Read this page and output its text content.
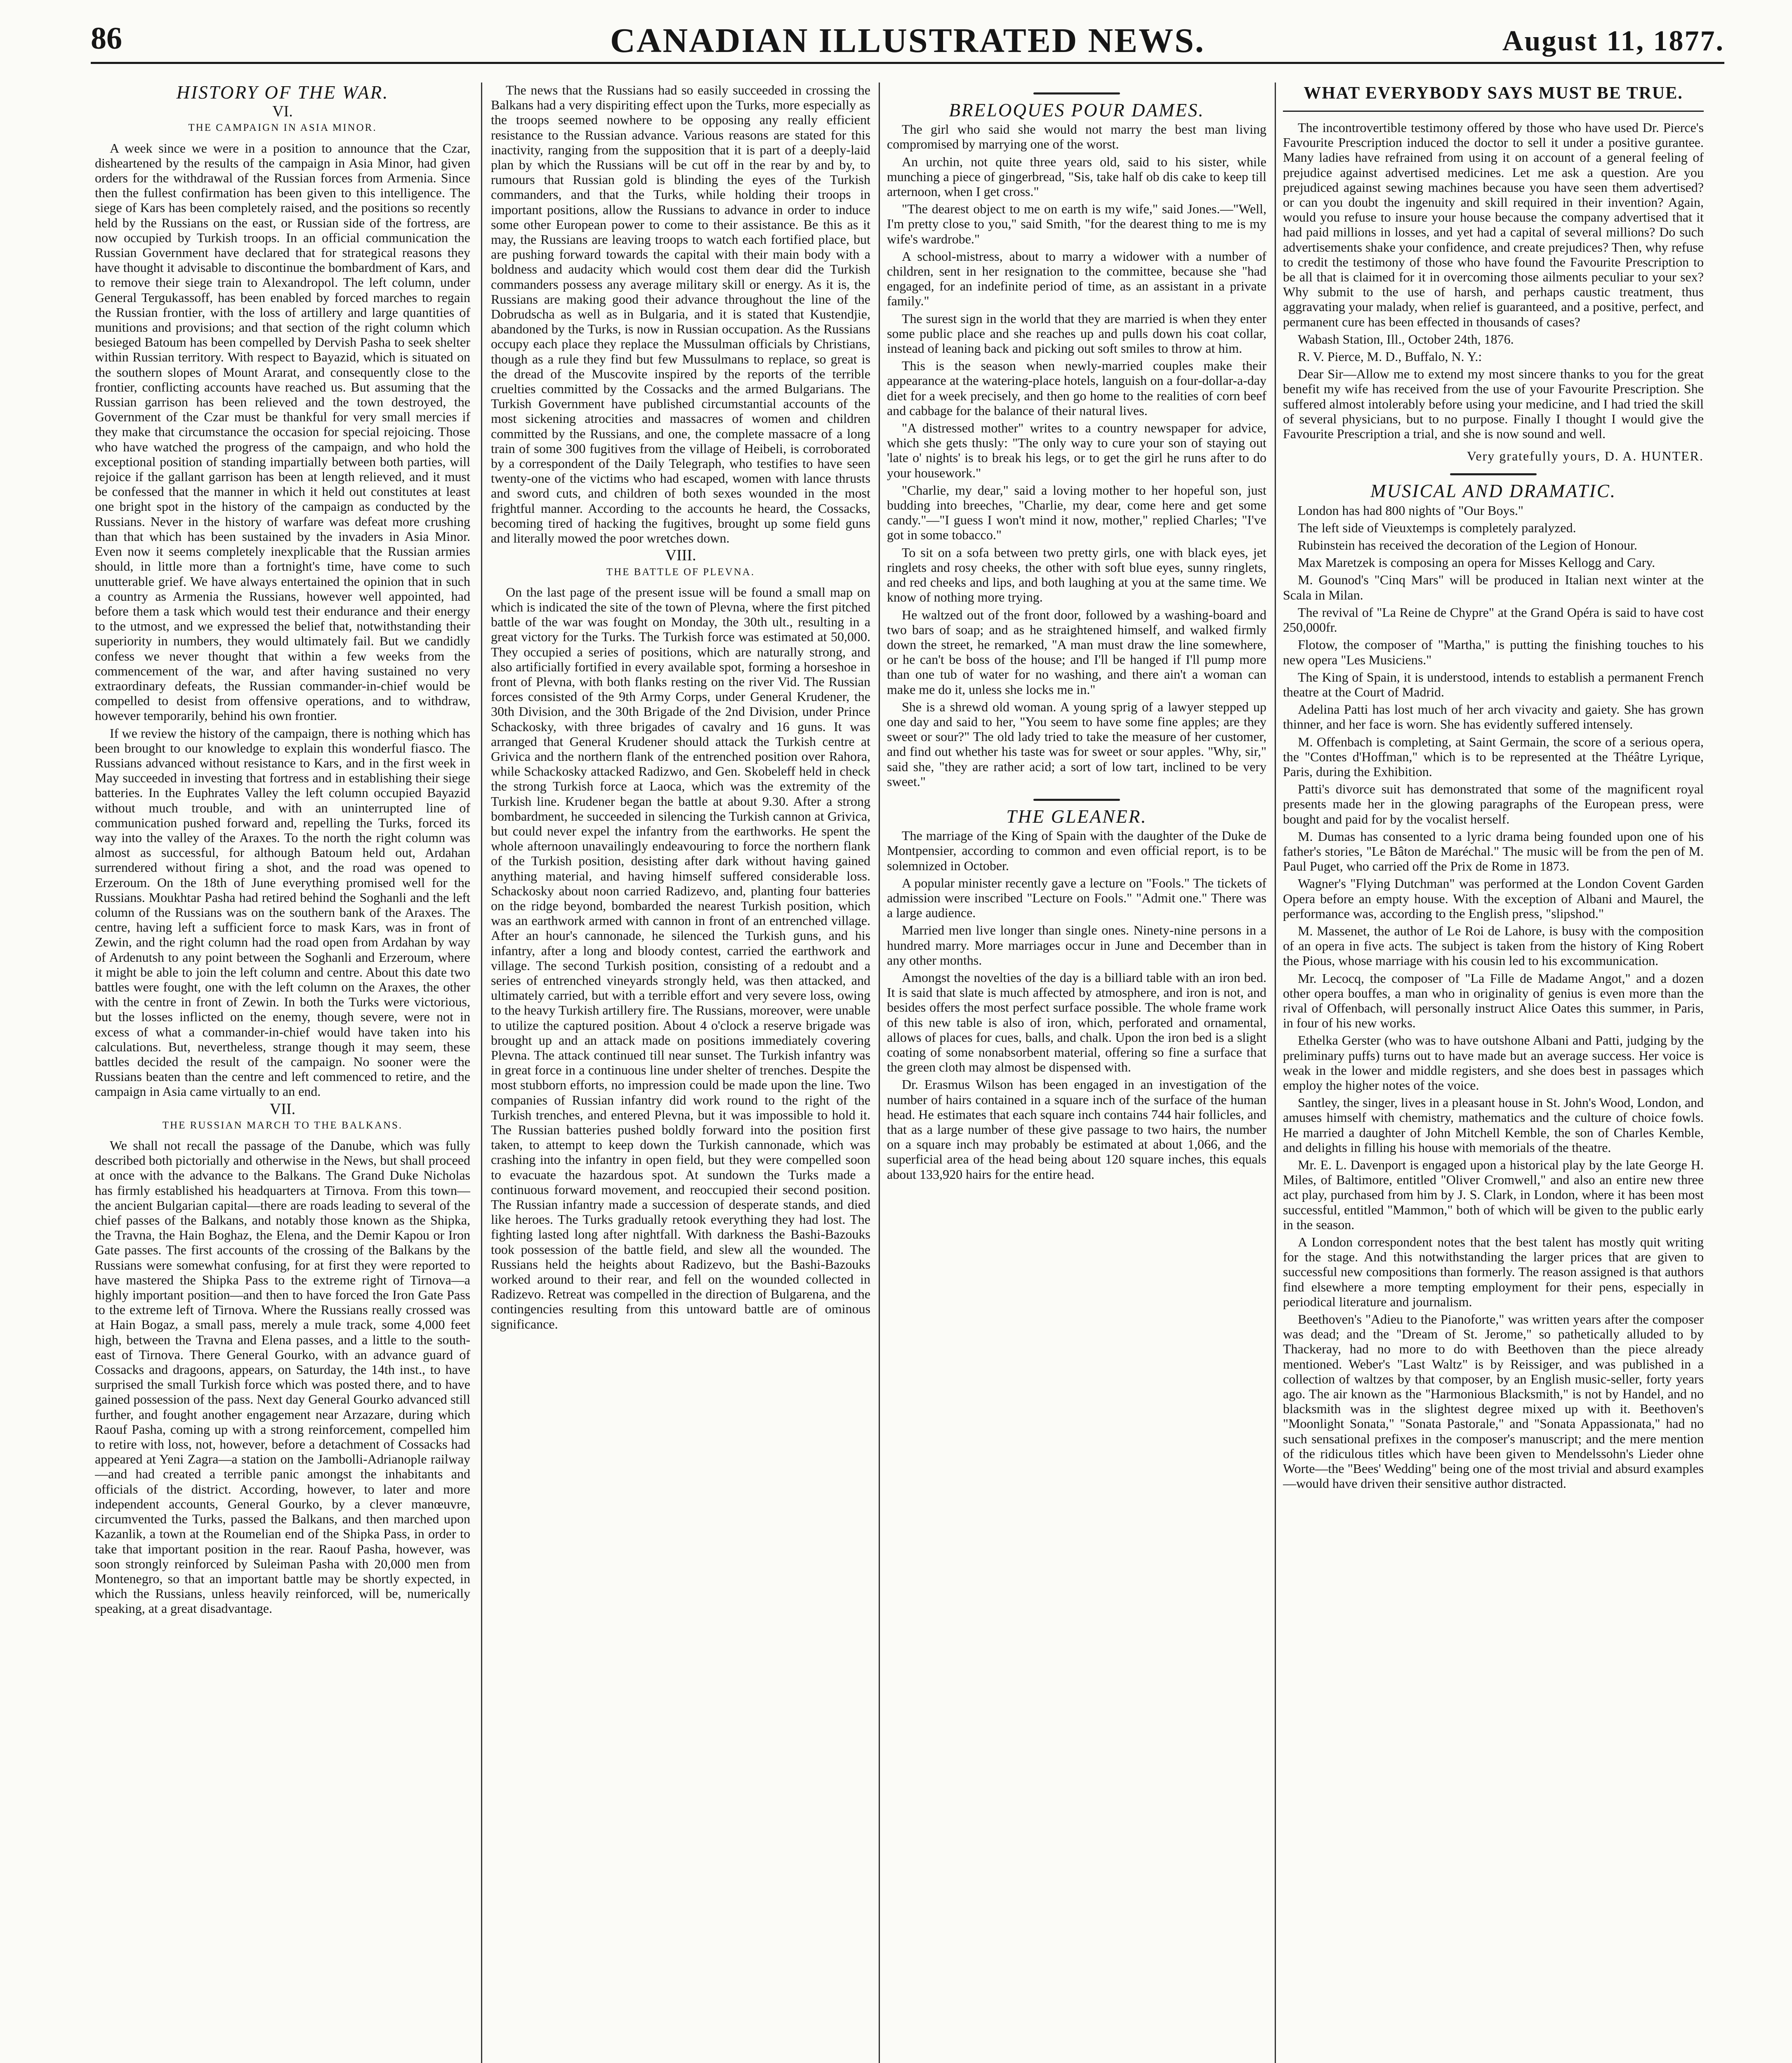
86	CANADIAN ILLUSTRATED NEWS.	August 11, 1877.
HISTORY OF THE WAR.
VI.
THE CAMPAIGN IN ASIA MINOR.

A week since we were in a position to announce that the Czar, disheartened by the results of the campaign in Asia Minor, had given orders for the withdrawal of the Russian forces from Armenia. Since then the fullest confirmation has been given to this intelligence. The siege of Kars has been completely raised, and the positions so recently held by the Russians on the east, or Russian side of the fortress, are now occupied by Turkish troops. In an official communication the Russian Government have declared that for strategical reasons they have thought it advisable to discontinue the bombardment of Kars, and to remove their siege train to Alexandropol. The left column, under General Tergukassoff, has been enabled by forced marches to regain the Russian frontier, with the loss of artillery and large quantities of munitions and provisions; and that section of the right column which besieged Batoum has been compelled by Dervish Pasha to seek shelter within Russian territory. With respect to Bayazid, which is situated on the southern slopes of Mount Ararat, and consequently close to the frontier, conflicting accounts have reached us. But assuming that the Russian garrison has been relieved and the town destroyed, the Government of the Czar must be thankful for very small mercies if they make that circumstance the occasion for special rejoicing. Those who have watched the progress of the campaign, and who hold the exceptional position of standing impartially between both parties, will rejoice if the gallant garrison has been at length relieved, and it must be confessed that the manner in which it held out constitutes at least one bright spot in the history of the campaign as conducted by the Russians. Never in the history of warfare was defeat more crushing than that which has been sustained by the invaders in Asia Minor. Even now it seems completely inexplicable that the Russian armies should, in little more than a fortnight's time, have come to such unutterable grief. We have always entertained the opinion that in such a country as Armenia the Russians, however well appointed, had before them a task which would test their endurance and their energy to the utmost, and we expressed the belief that, notwithstanding their superiority in numbers, they would ultimately fail. But we candidly confess we never thought that within a few weeks from the commencement of the war, and after having sustained no very extraordinary defeats, the Russian commander-in-chief would be compelled to desist from offensive operations, and to withdraw, however temporarily, behind his own frontier.

If we review the history of the campaign, there is nothing which has been brought to our knowledge to explain this wonderful fiasco. The Russians advanced without resistance to Kars, and in the first week in May succeeded in investing that fortress and in establishing their siege batteries. In the Euphrates Valley the left column occupied Bayazid without much trouble, and with an uninterrupted line of communication pushed forward and, repelling the Turks, forced its way into the valley of the Araxes. To the north the right column was almost as successful, for although Batoum held out, Ardahan surrendered without firing a shot, and the road was opened to Erzeroum. On the 18th of June everything promised well for the Russians. Moukhtar Pasha had retired behind the Soghanli and the left column of the Russians was on the southern bank of the Araxes. The centre, having left a sufficient force to mask Kars, was in front of Zewin, and the right column had the road open from Ardahan by way of Ardenutsh to any point between the Soghanli and Erzeroum, where it might be able to join the left column and centre. About this date two battles were fought, one with the left column on the Araxes, the other with the centre in front of Zewin. In both the Turks were victorious, but the losses inflicted on the enemy, though severe, were not in excess of what a commander-in-chief would have taken into his calculations. But, nevertheless, strange though it may seem, these battles decided the result of the campaign. No sooner were the Russians beaten than the centre and left commenced to retire, and the campaign in Asia came virtually to an end.

VII.
THE RUSSIAN MARCH TO THE BALKANS.

We shall not recall the passage of the Danube, which was fully described both pictorially and otherwise in the News, but shall proceed at once with the advance to the Balkans. The Grand Duke Nicholas has firmly established his headquarters at Tirnova. From this town—the ancient Bulgarian capital—there are roads leading to several of the chief passes of the Balkans, and notably those known as the Shipka, the Travna, the Hain Boghaz, the Elena, and the Demir Kapou or Iron Gate passes. The first accounts of the crossing of the Balkans by the Russians were somewhat confusing, for at first they were reported to have mastered the Shipka Pass to the extreme right of Tirnova—a highly important position—and then to have forced the Iron Gate Pass to the extreme left of Tirnova. Where the Russians really crossed was at Hain Bogaz, a small pass, merely a mule track, some 4,000 feet high, between the Travna and Elena passes, and a little to the south-east of Tirnova. There General Gourko, with an advance guard of Cossacks and dragoons, appears, on Saturday, the 14th inst., to have surprised the small Turkish force which was posted there, and to have gained possession of the pass. Next day General Gourko advanced still further, and fought another engagement near Arzazare, during which Raouf Pasha, coming up with a strong reinforcement, compelled him to retire with loss, not, however, before a detachment of Cossacks had appeared at Yeni Zagra—a station on the Jambolli-Adrianople railway—and had created a terrible panic amongst the inhabitants and officials of the district. According, however, to later and more independent accounts, General Gourko, by a clever manœuvre, circumvented the Turks, passed the Balkans, and then marched upon Kazanlik, a town at the Roumelian end of the Shipka Pass, in order to take that important position in the rear. Raouf Pasha, however, was soon strongly reinforced by Suleiman Pasha with 20,000 men from Montenegro, so that an important battle may be shortly expected, in which the Russians, unless heavily reinforced, will be, numerically speaking, at a great disadvantage.

The news that the Russians had so easily succeeded in crossing the Balkans had a very dispiriting effect upon the Turks, more especially as the troops seemed nowhere to be opposing any really efficient resistance to the Russian advance. Various reasons are stated for this inactivity, ranging from the supposition that it is part of a deeply-laid plan by which the Russians will be cut off in the rear by and by, to rumours that Russian gold is blinding the eyes of the Turkish commanders, and that the Turks, while holding their troops in important positions, allow the Russians to advance in order to induce some other European power to come to their assistance. Be this as it may, the Russians are leaving troops to watch each fortified place, but are pushing forward towards the capital with their main body with a boldness and audacity which would cost them dear did the Turkish commanders possess any average military skill or energy. As it is, the Russians are making good their advance throughout the line of the Dobrudscha as well as in Bulgaria, and it is stated that Kustendjie, abandoned by the Turks, is now in Russian occupation. As the Russians occupy each place they replace the Mussulman officials by Christians, though as a rule they find but few Mussulmans to replace, so great is the dread of the Muscovite inspired by the reports of the terrible cruelties committed by the Cossacks and the armed Bulgarians. The Turkish Government have published circumstantial accounts of the most sickening atrocities and massacres of women and children committed by the Russians, and one, the complete massacre of a long train of some 300 fugitives from the village of Heibeli, is corroborated by a correspondent of the Daily Telegraph, who testifies to have seen twenty-one of the victims who had escaped, women with lance thrusts and sword cuts, and children of both sexes wounded in the most frightful manner. According to the accounts he heard, the Cossacks, becoming tired of hacking the fugitives, brought up some field guns and literally mowed the poor wretches down.

VIII.
THE BATTLE OF PLEVNA.

On the last page of the present issue will be found a small map on which is indicated the site of the town of Plevna, where the first pitched battle of the war was fought on Monday, the 30th ult., resulting in a great victory for the Turks. The Turkish force was estimated at 50,000. They occupied a series of positions, which are naturally strong, and also artificially fortified in every available spot, forming a horseshoe in front of Plevna, with both flanks resting on the river Vid. The Russian forces consisted of the 9th Army Corps, under General Krudener, the 30th Division, and the 30th Brigade of the 2nd Division, under Prince Schackosky, with three brigades of cavalry and 16 guns. It was arranged that General Krudener should attack the Turkish centre at Grivica and the northern flank of the entrenched position over Rahora, while Schackosky attacked Radizwo, and Gen. Skobeleff held in check the strong Turkish force at Laoca, which was the extremity of the Turkish line. Krudener began the battle at about 9.30. After a strong bombardment, he succeeded in silencing the Turkish cannon at Grivica, but could never expel the infantry from the earthworks. He spent the whole afternoon unavailingly endeavouring to force the northern flank of the Turkish position, desisting after dark without having gained anything material, and having himself suffered considerable loss. Schackosky about noon carried Radizevo, and, planting four batteries on the ridge beyond, bombarded the nearest Turkish position, which was an earthwork armed with cannon in front of an entrenched village. After an hour's cannonade, he silenced the Turkish guns, and his infantry, after a long and bloody contest, carried the earthwork and village. The second Turkish position, consisting of a redoubt and a series of entrenched vineyards strongly held, was then attacked, and ultimately carried, but with a terrible effort and very severe loss, owing to the heavy Turkish artillery fire. The Russians, moreover, were unable to utilize the captured position. About 4 o'clock a reserve brigade was brought up and an attack made on positions immediately covering Plevna. The attack continued till near sunset. The Turkish infantry was in great force in a continuous line under shelter of trenches. Despite the most stubborn efforts, no impression could be made upon the line. Two companies of Russian infantry did work round to the right of the Turkish trenches, and entered Plevna, but it was impossible to hold it. The Russian batteries pushed boldly forward into the position first taken, to attempt to keep down the Turkish cannonade, which was crashing into the infantry in open field, but they were compelled soon to evacuate the hazardous spot. At sundown the Turks made a continuous forward movement, and reoccupied their second position. The Russian infantry made a succession of desperate stands, and died like heroes. The Turks gradually retook everything they had lost. The fighting lasted long after nightfall. With darkness the Bashi-Bazouks took possession of the battle field, and slew all the wounded. The Russians held the heights about Radizevo, but the Bashi-Bazouks worked around to their rear, and fell on the wounded collected in Radizevo. Retreat was compelled in the direction of Bulgarena, and the contingencies resulting from this untoward battle are of ominous significance.

BRELOQUES POUR DAMES.

The girl who said she would not marry the best man living compromised by marrying one of the worst.

An urchin, not quite three years old, said to his sister, while munching a piece of gingerbread, "Sis, take half ob dis cake to keep till arternoon, when I get cross."

"The dearest object to me on earth is my wife," said Jones.—"Well, I'm pretty close to you," said Smith, "for the dearest thing to me is my wife's wardrobe."

A school-mistress, about to marry a widower with a number of children, sent in her resignation to the committee, because she "had engaged, for an indefinite period of time, as an assistant in a private family."

The surest sign in the world that they are married is when they enter some public place and she reaches up and pulls down his coat collar, instead of leaning back and picking out soft smiles to throw at him.

This is the season when newly-married couples make their appearance at the watering-place hotels, languish on a four-dollar-a-day diet for a week precisely, and then go home to the realities of corn beef and cabbage for the balance of their natural lives.

"A distressed mother" writes to a country newspaper for advice, which she gets thusly: "The only way to cure your son of staying out 'late o' nights' is to break his legs, or to get the girl he runs after to do your housework."

"Charlie, my dear," said a loving mother to her hopeful son, just budding into breeches, "Charlie, my dear, come here and get some candy."—"I guess I won't mind it now, mother," replied Charles; "I've got in some tobacco."

To sit on a sofa between two pretty girls, one with black eyes, jet ringlets and rosy cheeks, the other with soft blue eyes, sunny ringlets, and red cheeks and lips, and both laughing at you at the same time. We know of nothing more trying.

He waltzed out of the front door, followed by a washing-board and two bars of soap; and as he straightened himself, and walked firmly down the street, he remarked, "A man must draw the line somewhere, or he can't be boss of the house; and I'll be hanged if I'll pump more than one tub of water for no washing, and there ain't a woman can make me do it, unless she locks me in."

She is a shrewd old woman. A young sprig of a lawyer stepped up one day and said to her, "You seem to have some fine apples; are they sweet or sour?" The old lady tried to take the measure of her customer, and find out whether his taste was for sweet or sour apples. "Why, sir," said she, "they are rather acid; a sort of low tart, inclined to be very sweet."

THE GLEANER.

The marriage of the King of Spain with the daughter of the Duke de Montpensier, according to common and even official report, is to be solemnized in October.

A popular minister recently gave a lecture on "Fools." The tickets of admission were inscribed "Lecture on Fools." "Admit one." There was a large audience.

Married men live longer than single ones. Ninety-nine persons in a hundred marry. More marriages occur in June and December than in any other months.

Amongst the novelties of the day is a billiard table with an iron bed. It is said that slate is much affected by atmosphere, and iron is not, and besides offers the most perfect surface possible. The whole frame work of this new table is also of iron, which, perforated and ornamental, allows of places for cues, balls, and chalk. Upon the iron bed is a slight coating of some nonabsorbent material, offering so fine a surface that the green cloth may almost be dispensed with.

Dr. Erasmus Wilson has been engaged in an investigation of the number of hairs contained in a square inch of the surface of the human head. He estimates that each square inch contains 744 hair follicles, and that as a large number of these give passage to two hairs, the number on a square inch may probably be estimated at about 1,066, and the superficial area of the head being about 120 square inches, this equals about 133,920 hairs for the entire head.

WHAT EVERYBODY SAYS MUST BE TRUE.

The incontrovertible testimony offered by those who have used Dr. Pierce's Favourite Prescription induced the doctor to sell it under a positive gurantee. Many ladies have refrained from using it on account of a general feeling of prejudice against advertised medicines. Let me ask a question. Are you prejudiced against sewing machines because you have seen them advertised? or can you doubt the ingenuity and skill required in their invention? Again, would you refuse to insure your house because the company advertised that it had paid millions in losses, and yet had a capital of several millions? Do such advertisements shake your confidence, and create prejudices? Then, why refuse to credit the testimony of those who have found the Favourite Prescription to be all that is claimed for it in overcoming those ailments peculiar to your sex? Why submit to the use of harsh, and perhaps caustic treatment, thus aggravating your malady, when relief is guaranteed, and a positive, perfect, and permanent cure has been effected in thousands of cases?

Wabash Station, Ill., October 24th, 1876.

R. V. Pierce, M. D., Buffalo, N. Y.:

Dear Sir—Allow me to extend my most sincere thanks to you for the great benefit my wife has received from the use of your Favourite Prescription. She suffered almost intolerably before using your medicine, and I had tried the skill of several physicians, but to no purpose. Finally I thought I would give the Favourite Prescription a trial, and she is now sound and well.

Very gratefully yours, D. A. HUNTER.
MUSICAL AND DRAMATIC.

London has had 800 nights of "Our Boys."

The left side of Vieuxtemps is completely paralyzed.

Rubinstein has received the decoration of the Legion of Honour.

Max Maretzek is composing an opera for Misses Kellogg and Cary.

M. Gounod's "Cinq Mars" will be produced in Italian next winter at the Scala in Milan.

The revival of "La Reine de Chypre" at the Grand Opéra is said to have cost 250,000fr.

Flotow, the composer of "Martha," is putting the finishing touches to his new opera "Les Musiciens."

The King of Spain, it is understood, intends to establish a permanent French theatre at the Court of Madrid.

Adelina Patti has lost much of her arch vivacity and gaiety. She has grown thinner, and her face is worn. She has evidently suffered intensely.

M. Offenbach is completing, at Saint Germain, the score of a serious opera, the "Contes d'Hoffman," which is to be represented at the Théâtre Lyrique, Paris, during the Exhibition.

Patti's divorce suit has demonstrated that some of the magnificent royal presents made her in the glowing paragraphs of the European press, were bought and paid for by the vocalist herself.

M. Dumas has consented to a lyric drama being founded upon one of his father's stories, "Le Bâton de Maréchal." The music will be from the pen of M. Paul Puget, who carried off the Prix de Rome in 1873.

Wagner's "Flying Dutchman" was performed at the London Covent Garden Opera before an empty house. With the exception of Albani and Maurel, the performance was, according to the English press, "slipshod."

M. Massenet, the author of Le Roi de Lahore, is busy with the composition of an opera in five acts. The subject is taken from the history of King Robert the Pious, whose marriage with his cousin led to his excommunication.

Mr. Lecocq, the composer of "La Fille de Madame Angot," and a dozen other opera bouffes, a man who in originality of genius is even more than the rival of Offenbach, will personally instruct Alice Oates this summer, in Paris, in four of his new works.

Ethelka Gerster (who was to have outshone Albani and Patti, judging by the preliminary puffs) turns out to have made but an average success. Her voice is weak in the lower and middle registers, and she does best in passages which employ the higher notes of the voice.

Santley, the singer, lives in a pleasant house in St. John's Wood, London, and amuses himself with chemistry, mathematics and the culture of choice fowls. He married a daughter of John Mitchell Kemble, the son of Charles Kemble, and delights in filling his house with memorials of the theatre.

Mr. E. L. Davenport is engaged upon a historical play by the late George H. Miles, of Baltimore, entitled "Oliver Cromwell," and also an entire new three act play, purchased from him by J. S. Clark, in London, where it has been most successful, entitled "Mammon," both of which will be given to the public early in the season.

A London correspondent notes that the best talent has mostly quit writing for the stage. And this notwithstanding the larger prices that are given to successful new compositions than formerly. The reason assigned is that authors find elsewhere a more tempting employment for their pens, especially in periodical literature and journalism.

Beethoven's "Adieu to the Pianoforte," was written years after the composer was dead; and the "Dream of St. Jerome," so pathetically alluded to by Thackeray, had no more to do with Beethoven than the piece already mentioned. Weber's "Last Waltz" is by Reissiger, and was published in a collection of waltzes by that composer, by an English music-seller, forty years ago. The air known as the "Harmonious Blacksmith," is not by Handel, and no blacksmith was in the slightest degree mixed up with it. Beethoven's "Moonlight Sonata," "Sonata Pastorale," and "Sonata Appassionata," had no such sensational prefixes in the composer's manuscript; and the mere mention of the ridiculous titles which have been given to Mendelssohn's Lieder ohne Worte—the "Bees' Wedding" being one of the most trivial and absurd examples—would have driven their sensitive author distracted.
